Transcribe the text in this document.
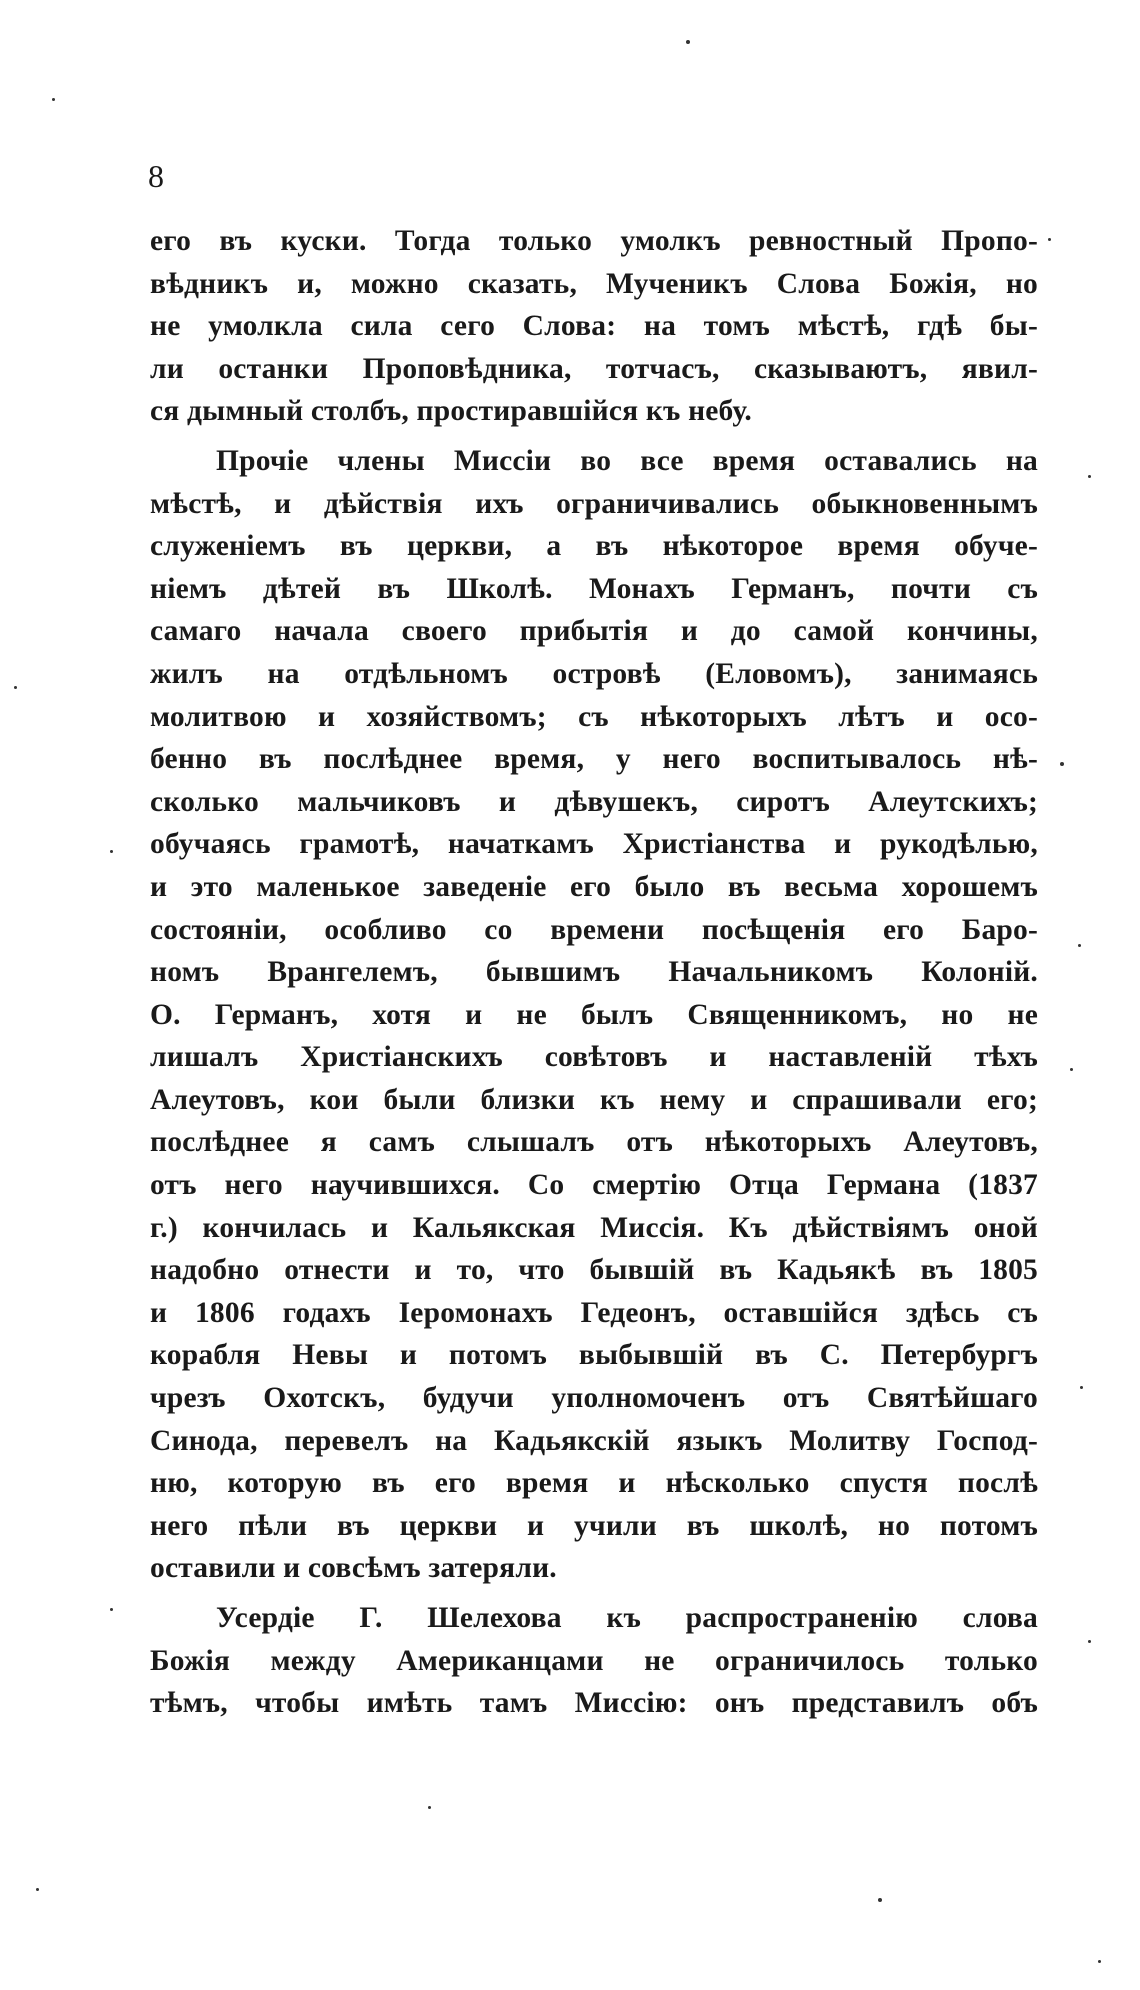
8
его въ куски. Тогда только умолкъ ревностный Пропо-
вѣдникъ и, можно сказать, Мученикъ Слова Божія, но
не умолкла сила сего Слова: на томъ мѣстѣ, гдѣ бы-
ли останки Проповѣдника, тотчасъ, сказываютъ, явил-
ся дымный столбъ, простиравшійся къ небу.
Прочіе члены Миссіи во все время оставались на
мѣстѣ, и дѣйствія ихъ ограничивались обыкновеннымъ
служеніемъ въ церкви, а въ нѣкоторое время обуче-
ніемъ дѣтей въ Школѣ. Монахъ Германъ, почти съ
самаго начала своего прибытія и до самой кончины,
жилъ на отдѣльномъ островѣ (Еловомъ), занимаясь
молитвою и хозяйствомъ; съ нѣкоторыхъ лѣтъ и осо-
бенно въ послѣднее время, у него воспитывалось нѣ-
сколько мальчиковъ и дѣвушекъ, сиротъ Алеутскихъ;
обучаясь грамотѣ, начаткамъ Христіанства и рукодѣлью,
и это маленькое заведеніе его было въ весьма хорошемъ
состояніи, особливо со времени посѣщенія его Баро-
номъ Врангелемъ, бывшимъ Начальникомъ Колоній.
О. Германъ, хотя и не былъ Священникомъ, но не
лишалъ Христіанскихъ совѣтовъ и наставленій тѣхъ
Алеутовъ, кои были близки къ нему и спрашивали его;
послѣднее я самъ слышалъ отъ нѣкоторыхъ Алеутовъ,
отъ него научившихся. Со смертію Отца Германа (1837
г.) кончилась и Кальякская Миссія. Къ дѣйствіямъ оной
надобно отнести и то, что бывшій въ Кадьякѣ въ 1805
и 1806 годахъ Іеромонахъ Гедеонъ, оставшійся здѣсь съ
корабля Невы и потомъ выбывшій въ С. Петербургъ
чрезъ Охотскъ, будучи уполномоченъ отъ Святѣйшаго
Синода, перевелъ на Кадьякскій языкъ Молитву Господ-
ню, которую въ его время и нѣсколько спустя послѣ
него пѣли въ церкви и учили въ школѣ, но потомъ
оставили и совсѣмъ затеряли.
Усердіе Г. Шелехова къ распространенію слова
Божія между Американцами не ограничилось только
тѣмъ, чтобы имѣть тамъ Миссію: онъ представилъ объ
